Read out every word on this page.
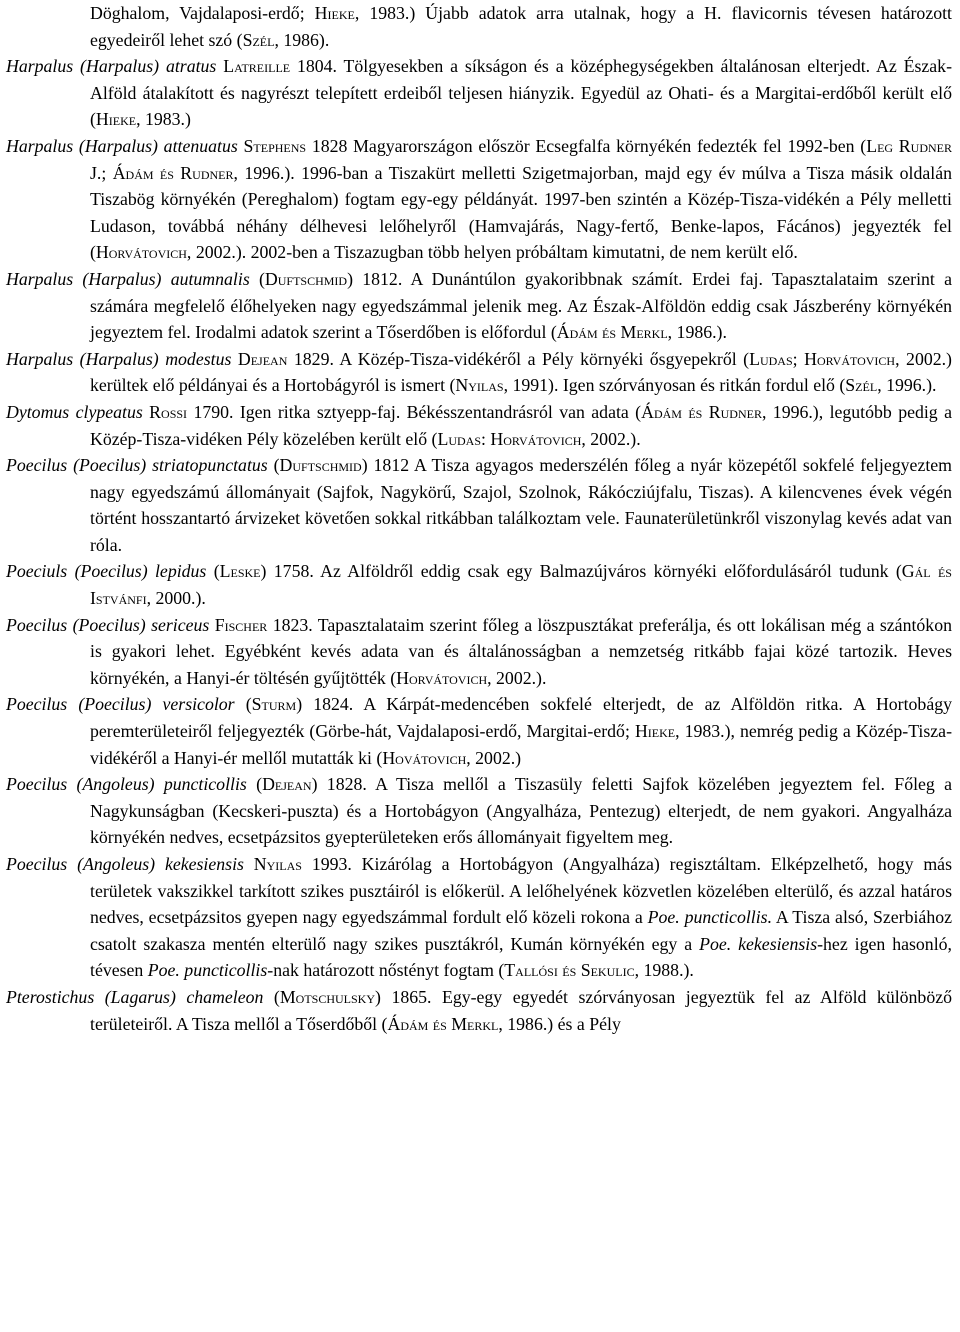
Döghalom, Vajdalaposi-erdő; Hieke, 1983.) Újabb adatok arra utalnak, hogy a H. flavicornis tévesen határozott egyedeiről lehet szó (Szél, 1986).

Harpalus (Harpalus) atratus Latreille 1804. Tölgyesekben a síkságon és a középhegységekben általánosan elterjedt. Az Észak-Alföld átalakított és nagyrészt telepített erdeiből teljesen hiányzik. Egyedül az Ohati- és a Margitai-erdőből került elő (Hieke, 1983.)

Harpalus (Harpalus) attenuatus Stephens 1828 Magyarországon először Ecsegfalfa környékén fedezték fel 1992-ben (Leg Rudner J.; Ádám és Rudner, 1996.). 1996-ban a Tiszakürt melletti Szigetmajorban, majd egy év múlva a Tisza másik oldalán Tiszabög környékén (Pereghalom) fogtam egy-egy példányát. 1997-ben szintén a Közép-Tisza-vidékén a Pély melletti Ludason, továbbá néhány délhevesi lelőhelyről (Hamvajárás, Nagy-fertő, Benke-lapos, Fácános) jegyezték fel (Horvátovich, 2002.). 2002-ben a Tiszazugban több helyen próbáltam kimutatni, de nem került elő.

Harpalus (Harpalus) autumnalis (Duftschmid) 1812. A Dunántúlon gyakoribbnak számít. Erdei faj. Tapasztalataim szerint a számára megfelelő élőhelyeken nagy egyedszámmal jelenik meg. Az Észak-Alföldön eddig csak Jászberény környékén jegyeztem fel. Irodalmi adatok szerint a Tőserdőben is előfordul (Ádám és Merkl, 1986.).

Harpalus (Harpalus) modestus Dejean 1829. A Közép-Tisza-vidékéről a Pély környéki ősgyepekről (Ludas; Horvátovich, 2002.) kerültek elő példányai és a Hortobágyról is ismert (Nyilas, 1991). Igen szórványosan és ritkán fordul elő (Szél, 1996.).

Dytomus clypeatus Rossi 1790. Igen ritka sztyepp-faj. Békésszentandrásról van adata (Ádám és Rudner, 1996.), legutóbb pedig a Közép-Tisza-vidéken Pély közelében került elő (Ludas: Horvátovich, 2002.).

Poecilus (Poecilus) striatopunctatus (Duftschmid) 1812 A Tisza agyagos mederszélén főleg a nyár közepétől sokfelé feljegyeztem nagy egyedszámú állományait (Sajfok, Nagykörű, Szajol, Szolnok, Rákócziújfalu, Tiszas). A kilencvenes évek végén történt hosszantartó árvizeket követően sokkal ritkábban találkoztam vele. Faunaterületünkről viszonylag kevés adat van róla.

Poeciuls (Poecilus) lepidus (Leske) 1758. Az Alföldről eddig csak egy Balmazújváros környéki előfordulásáról tudunk (Gál és Istvánfi, 2000.).

Poecilus (Poecilus) sericeus Fischer 1823. Tapasztalataim szerint főleg a löszpusztákat preferálja, és ott lokálisan még a szántókon is gyakori lehet. Egyébként kevés adata van és általánosságban a nemzetség ritkább fajai közé tartozik. Heves környékén, a Hanyi-ér töltésén gyűjtötték (Horvátovich, 2002.).

Poecilus (Poecilus) versicolor (Sturm) 1824. A Kárpát-medencében sokfelé elterjedt, de az Alföldön ritka. A Hortobágy peremterületeiről feljegyezték (Görbe-hát, Vajdalaposi-erdő, Margitai-erdő; Hieke, 1983.), nemrég pedig a Közép-Tisza-vidékéről a Hanyi-ér mellől mutatták ki (Hovátovich, 2002.)

Poecilus (Angoleus) puncticollis (Dejean) 1828. A Tisza mellől a Tiszasüly feletti Sajfok közelében jegyeztem fel. Főleg a Nagykunságban (Kecskeri-puszta) és a Hortobágyon (Angyalháza, Pentezug) elterjedt, de nem gyakori. Angyalháza környékén nedves, ecsetpázsitos gyepterületeken erős állományait figyeltem meg.

Poecilus (Angoleus) kekesiensis Nyilas 1993. Kizárólag a Hortobágyon (Angyalháza) regisztáltam. Elképzelhető, hogy más területek vakszikkel tarkított szikes pusztáiról is előkerül. A lelőhelyének közvetlen közelében elterülő, és azzal határos nedves, ecsetpázsitos gyepen nagy egyedszámmal fordult elő közeli rokona a Poe. puncticollis. A Tisza alsó, Szerbiához csatolt szakasza mentén elterülő nagy szikes pusztákról, Kumán környékén egy a Poe. kekesiensis-hez igen hasonló, tévesen Poe. puncticollis-nak határozott nőstényt fogtam (Tallósi és Sekulic, 1988.).

Pterostichus (Lagarus) chameleon (Motschulsky) 1865. Egy-egy egyedét szórványosan jegyeztük fel az Alföld különböző területeiről. A Tisza mellől a Tőserdőből (Ádám és Merkl, 1986.) és a Pély
